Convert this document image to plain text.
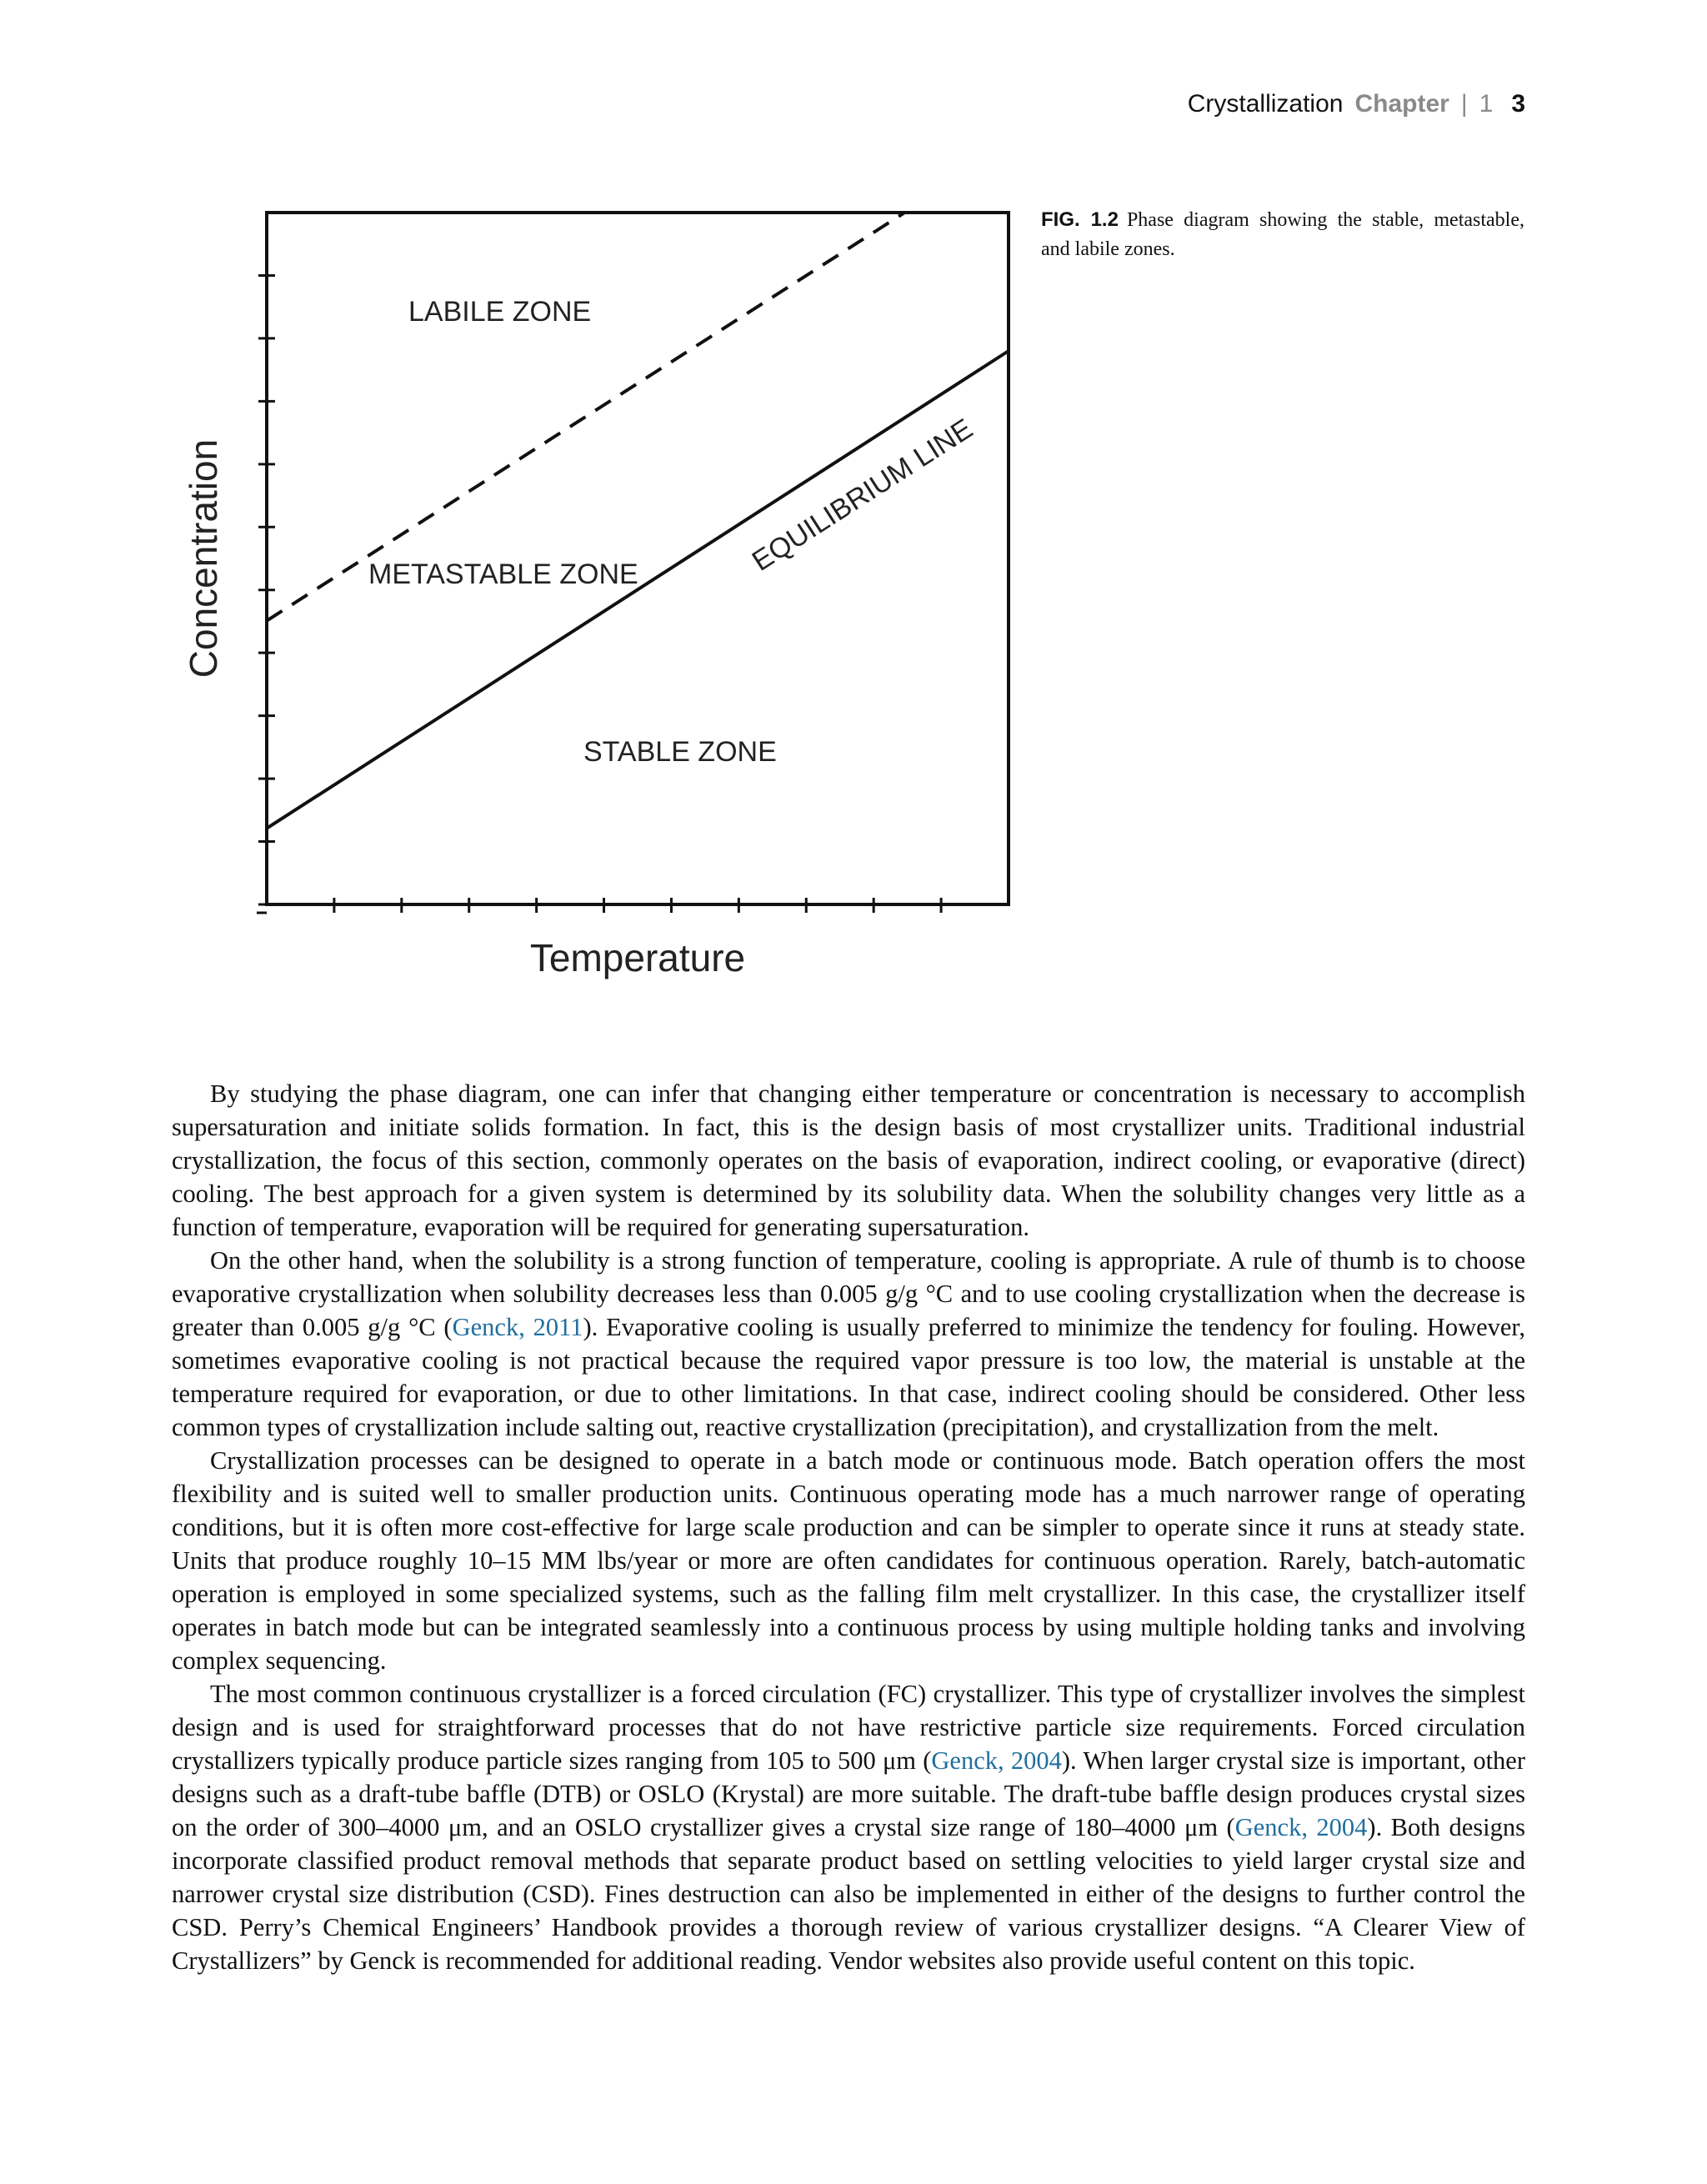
Crystallization Chapter | 1 3
LABILE ZONE
METASTABLE ZONE
STABLE ZONE
EQUILIBRIUM LINE
Concentration
Temperature
FIG. 1.2 Phase diagram showing the stable, metastable, and labile zones.

By studying the phase diagram, one can infer that changing either temperature or concentration is necessary to accomplish supersaturation and initiate solids formation. In fact, this is the design basis of most crystallizer units. Traditional industrial crystallization, the focus of this section, commonly operates on the basis of evaporation, indirect cooling, or evaporative (direct) cooling. The best approach for a given system is determined by its solubility data. When the solubility changes very little as a function of temperature, evaporation will be required for generating supersaturation.

On the other hand, when the solubility is a strong function of temperature, cooling is appropriate. A rule of thumb is to choose evaporative crystallization when solubility decreases less than 0.005 g/g °C and to use cooling crystallization when the decrease is greater than 0.005 g/g °C (Genck, 2011). Evaporative cooling is usually preferred to minimize the tendency for fouling. However, sometimes evaporative cooling is not practical because the required vapor pressure is too low, the material is unstable at the temperature required for evaporation, or due to other limitations. In that case, indirect cooling should be considered. Other less common types of crystallization include salting out, reactive crystallization (precipitation), and crystallization from the melt.

Crystallization processes can be designed to operate in a batch mode or continuous mode. Batch operation offers the most flexibility and is suited well to smaller production units. Continuous operating mode has a much narrower range of operating conditions, but it is often more cost-effective for large scale production and can be simpler to operate since it runs at steady state. Units that produce roughly 10–15 MM lbs/year or more are often candidates for continuous operation. Rarely, batch-automatic operation is employed in some specialized systems, such as the falling film melt crystallizer. In this case, the crystallizer itself operates in batch mode but can be integrated seamlessly into a continuous process by using multiple holding tanks and involving complex sequencing.

The most common continuous crystallizer is a forced circulation (FC) crystallizer. This type of crystallizer involves the simplest design and is used for straightforward processes that do not have restrictive particle size requirements. Forced circulation crystallizers typically produce particle sizes ranging from 105 to 500 μm (Genck, 2004). When larger crystal size is important, other designs such as a draft-tube baffle (DTB) or OSLO (Krystal) are more suitable. The draft-tube baffle design produces crystal sizes on the order of 300–4000 μm, and an OSLO crystallizer gives a crystal size range of 180–4000 μm (Genck, 2004). Both designs incorporate classified product removal methods that separate product based on settling velocities to yield larger crystal size and narrower crystal size distribution (CSD). Fines destruction can also be implemented in either of the designs to further control the CSD. Perry’s Chemical Engineers’ Handbook provides a thorough review of various crystallizer designs. “A Clearer View of Crystallizers” by Genck is recommended for additional reading. Vendor websites also provide useful content on this topic.
